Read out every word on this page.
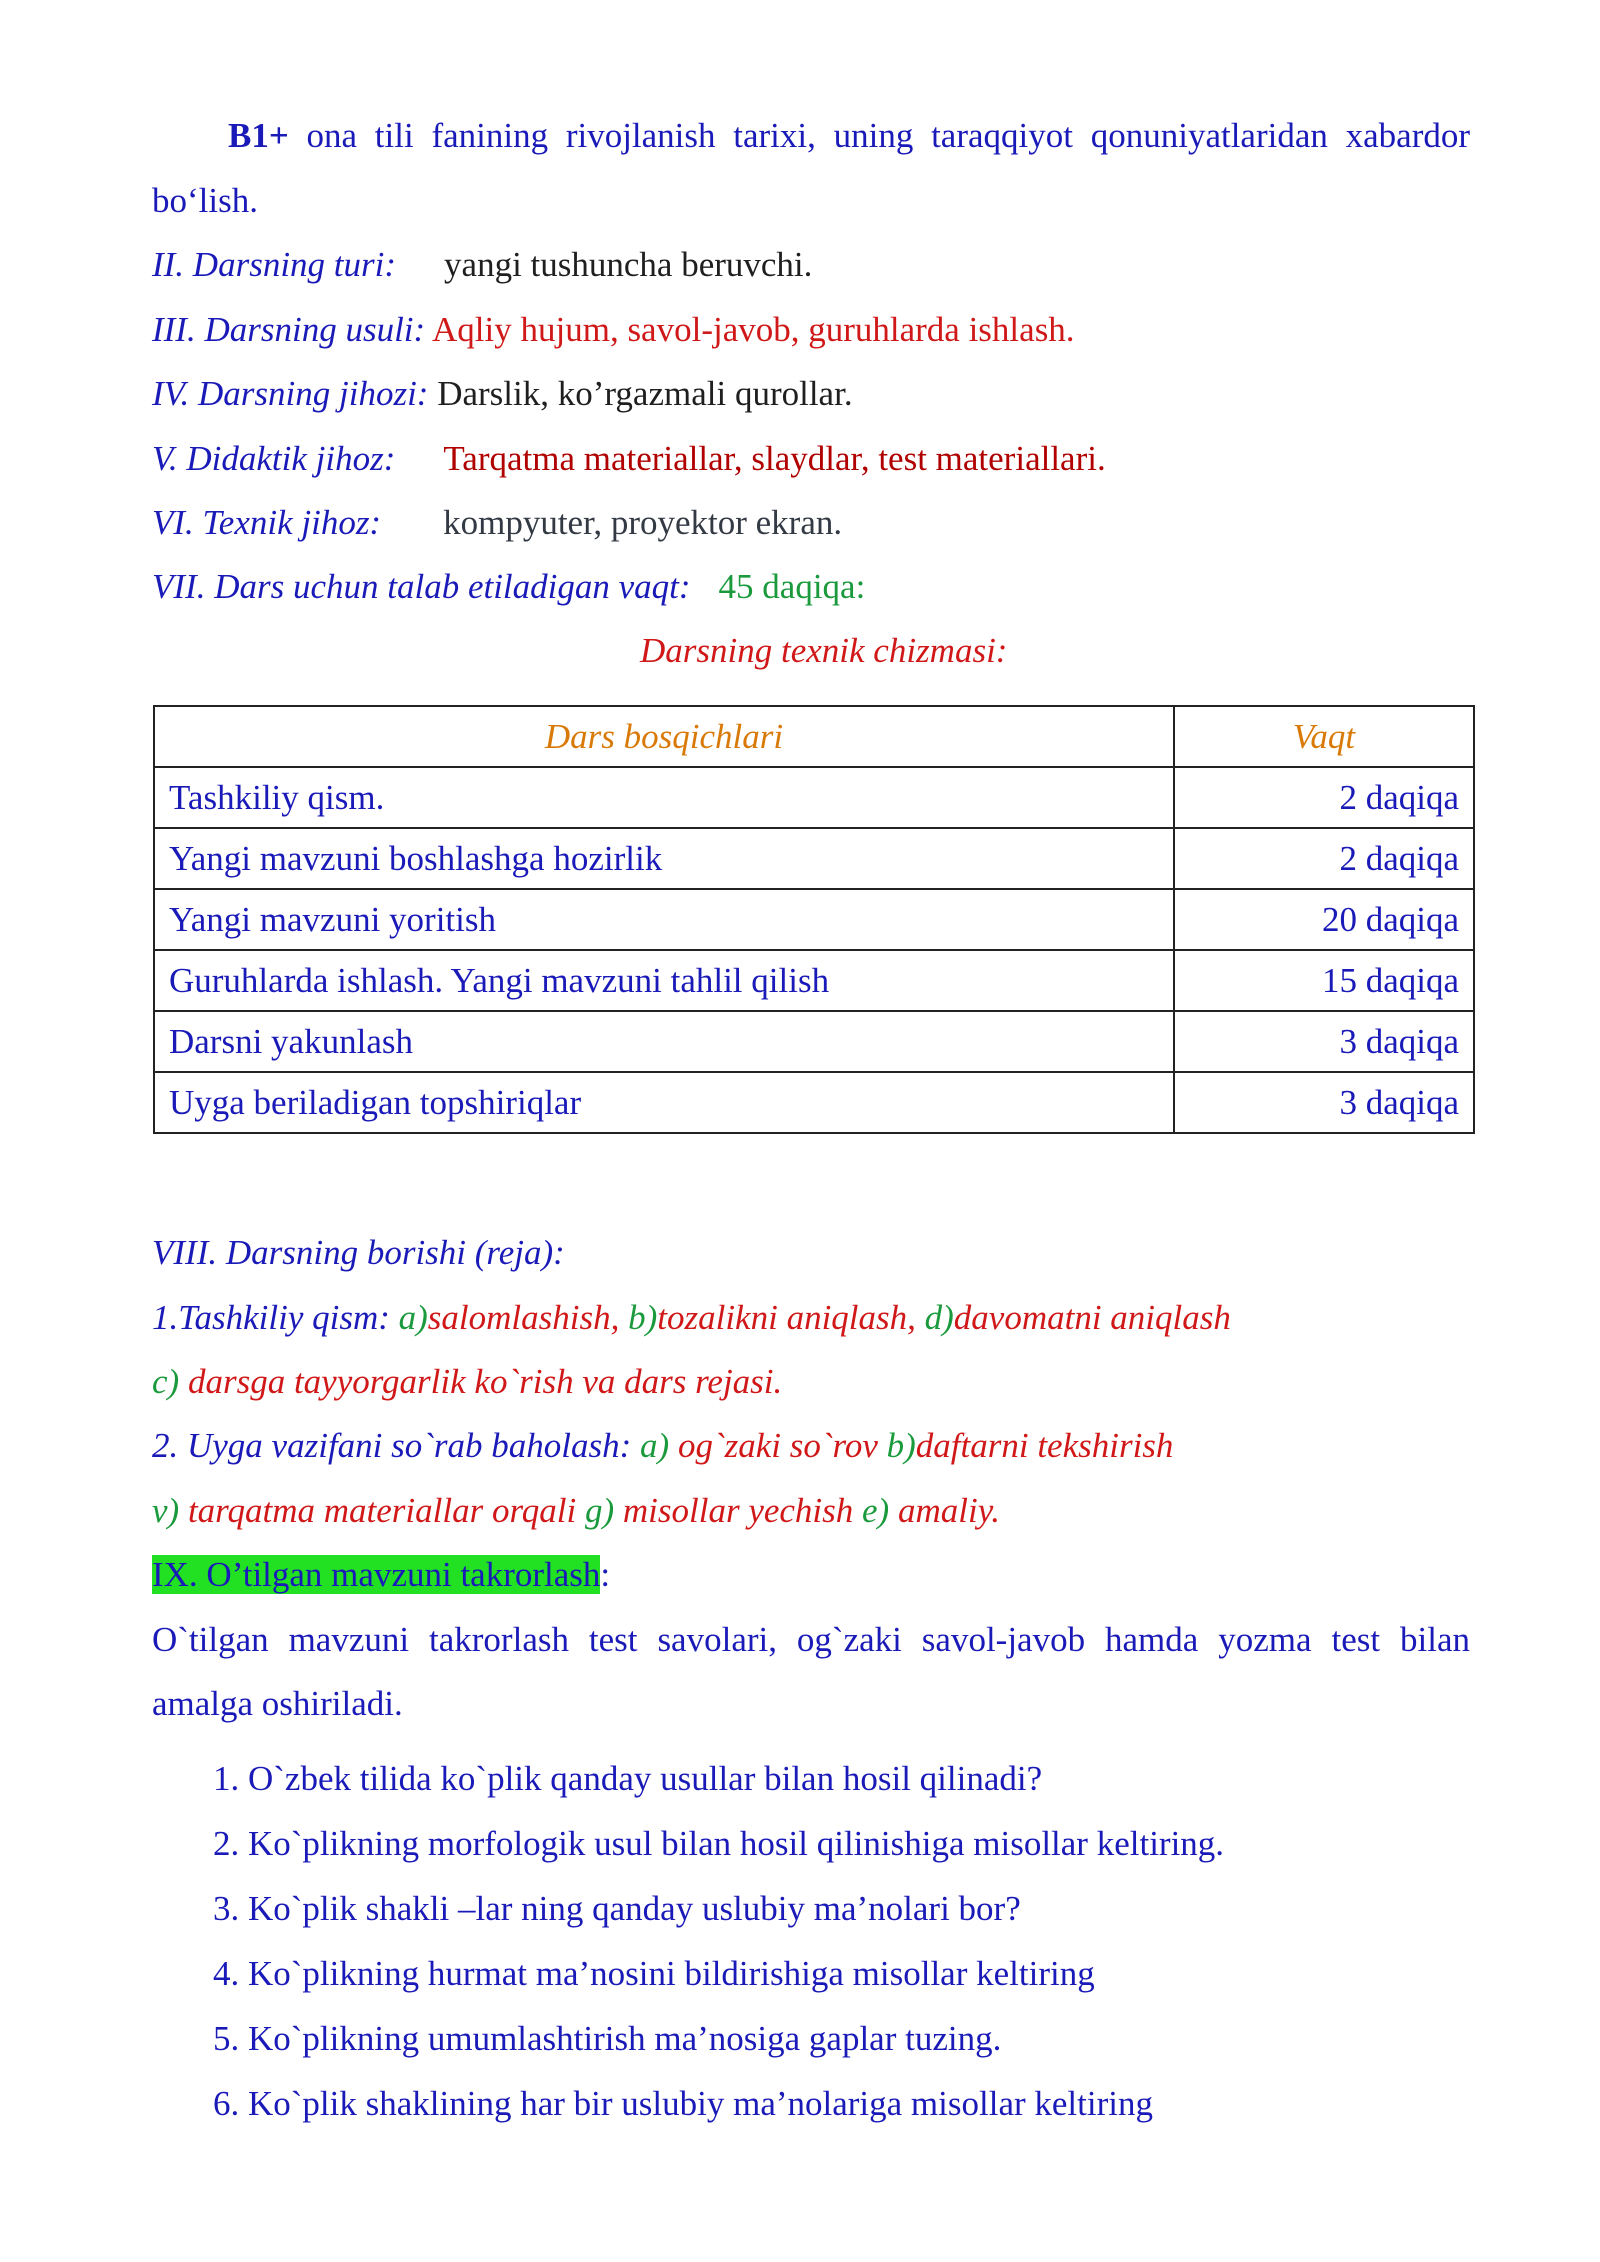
B1+ ona tili fanining rivojlanish tarixi, uning taraqqiyot qonuniyatlaridan xabardor
bo‘lish.
II. Darsning turi: yangi tushuncha beruvchi.
III. Darsning usuli: Aqliy hujum, savol-javob, guruhlarda ishlash.
IV. Darsning jihozi: Darslik, ko’rgazmali qurollar.
V. Didaktik jihoz: Tarqatma materiallar, slaydlar, test materiallari.
VI. Texnik jihoz: kompyuter, proyektor ekran.
VII. Dars uchun talab etiladigan vaqt: 45 daqiqa:
Darsning texnik chizmasi:
Dars bosqichlari	Vaqt
Tashkiliy qism.	2 daqiqa
Yangi mavzuni boshlashga hozirlik	2 daqiqa
Yangi mavzuni yoritish	20 daqiqa
Guruhlarda ishlash. Yangi mavzuni tahlil qilish	15 daqiqa
Darsni yakunlash	3 daqiqa
Uyga beriladigan topshiriqlar	3 daqiqa
VIII. Darsning borishi (reja):
1.Tashkiliy qism: a)salomlashish, b)tozalikni aniqlash, d)davomatni aniqlash
c) darsga tayyorgarlik ko`rish va dars rejasi.
2. Uyga vazifani so`rab baholash: a) og`zaki so`rov b)daftarni tekshirish
v) tarqatma materiallar orqali g) misollar yechish e) amaliy.
IX. O’tilgan mavzuni takrorlash:
O`tilgan mavzuni takrorlash test savolari, og`zaki savol-javob hamda yozma test bilan
amalga oshiriladi.
1. O`zbek tilida ko`plik qanday usullar bilan hosil qilinadi?
2. Ko`plikning morfologik usul bilan hosil qilinishiga misollar keltiring.
3. Ko`plik shakli –lar ning qanday uslubiy ma’nolari bor?
4. Ko`plikning hurmat ma’nosini bildirishiga misollar keltiring
5. Ko`plikning umumlashtirish ma’nosiga gaplar tuzing.
6. Ko`plik shaklining har bir uslubiy ma’nolariga misollar keltiring
